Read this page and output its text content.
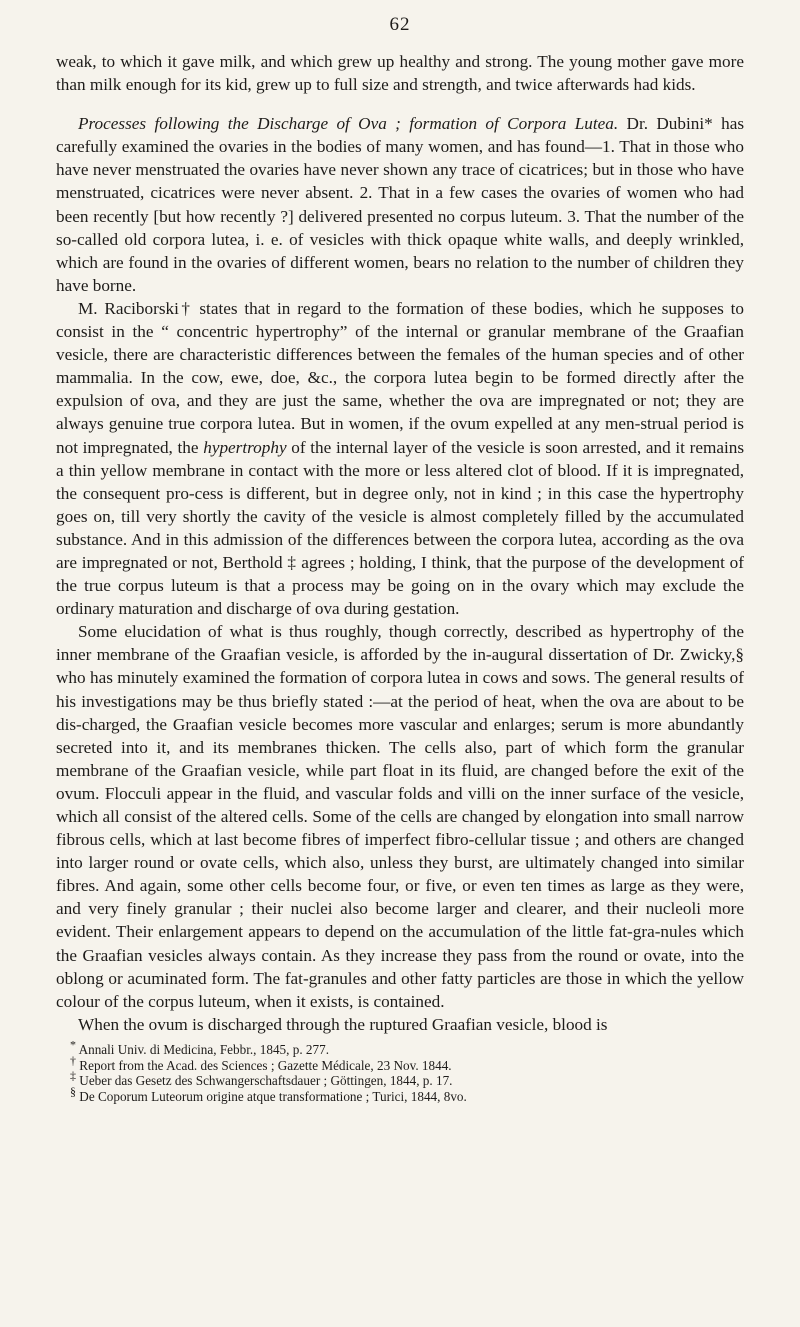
62

weak, to which it gave milk, and which grew up healthy and strong. The young mother gave more than milk enough for its kid, grew up to full size and strength, and twice afterwards had kids.

Processes following the Discharge of Ova ; formation of Corpora Lutea. Dr. Dubini* has carefully examined the ovaries in the bodies of many women, and has found—1. That in those who have never menstruated the ovaries have never shown any trace of cicatrices; but in those who have menstruated, cicatrices were never absent. 2. That in a few cases the ovaries of women who had been recently [but how recently ?] delivered presented no corpus luteum. 3. That the number of the so-called old corpora lutea, i. e. of vesicles with thick opaque white walls, and deeply wrinkled, which are found in the ovaries of different women, bears no relation to the number of children they have borne.

M. Raciborski† states that in regard to the formation of these bodies, which he supposes to consist in the “ concentric hypertrophy” of the internal or granular membrane of the Graafian vesicle, there are characteristic differences between the females of the human species and of other mammalia. In the cow, ewe, doe, &c., the corpora lutea begin to be formed directly after the expulsion of ova, and they are just the same, whether the ova are impregnated or not; they are always genuine true corpora lutea. But in women, if the ovum expelled at any men-strual period is not impregnated, the hypertrophy of the internal layer of the vesicle is soon arrested, and it remains a thin yellow membrane in contact with the more or less altered clot of blood. If it is impregnated, the consequent pro-cess is different, but in degree only, not in kind ; in this case the hypertrophy goes on, till very shortly the cavity of the vesicle is almost completely filled by the accumulated substance. And in this admission of the differences between the corpora lutea, according as the ova are impregnated or not, Berthold ‡ agrees ; holding, I think, that the purpose of the development of the true corpus luteum is that a process may be going on in the ovary which may exclude the ordinary maturation and discharge of ova during gestation.

Some elucidation of what is thus roughly, though correctly, described as hypertrophy of the inner membrane of the Graafian vesicle, is afforded by the in-augural dissertation of Dr. Zwicky,§ who has minutely examined the formation of corpora lutea in cows and sows. The general results of his investigations may be thus briefly stated :—at the period of heat, when the ova are about to be dis-charged, the Graafian vesicle becomes more vascular and enlarges; serum is more abundantly secreted into it, and its membranes thicken. The cells also, part of which form the granular membrane of the Graafian vesicle, while part float in its fluid, are changed before the exit of the ovum. Flocculi appear in the fluid, and vascular folds and villi on the inner surface of the vesicle, which all consist of the altered cells. Some of the cells are changed by elongation into small narrow fibrous cells, which at last become fibres of imperfect fibro-cellular tissue ; and others are changed into larger round or ovate cells, which also, unless they burst, are ultimately changed into similar fibres. And again, some other cells become four, or five, or even ten times as large as they were, and very finely granular ; their nuclei also become larger and clearer, and their nucleoli more evident. Their enlargement appears to depend on the accumulation of the little fat-gra-nules which the Graafian vesicles always contain. As they increase they pass from the round or ovate, into the oblong or acuminated form. The fat-granules and other fatty particles are those in which the yellow colour of the corpus luteum, when it exists, is contained.

When the ovum is discharged through the ruptured Graafian vesicle, blood is

* Annali Univ. di Medicina, Febbr., 1845, p. 277.

† Report from the Acad. des Sciences ; Gazette Médicale, 23 Nov. 1844.

‡ Ueber das Gesetz des Schwangerschaftsdauer ; Göttingen, 1844, p. 17.

§ De Coporum Luteorum origine atque transformatione ; Turici, 1844, 8vo.
